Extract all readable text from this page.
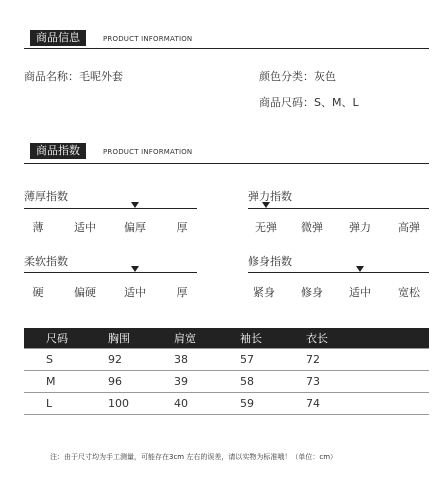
商品信息	PRODUCT INFORMATION
商品名称：毛呢外套	颜色分类：灰色
商品尺码：S、M、L
商品指数	PRODUCT INFORMATION
薄厚指数
薄	适中	偏厚	厚
弹力指数
无弹 微弹 弹力 高弹
柔软指数
硬	偏硬	适中	厚
修身指数
紧身 修身 适中 宽松
尺码	胸围	肩宽	袖长	衣长
S	92	38	57	72
M	96	39	58	73
L	100	40	59	74
注：由于尺寸均为手工测量，可能存在3cm 左右的误差，请以实物为标准哦！（单位：cm）
